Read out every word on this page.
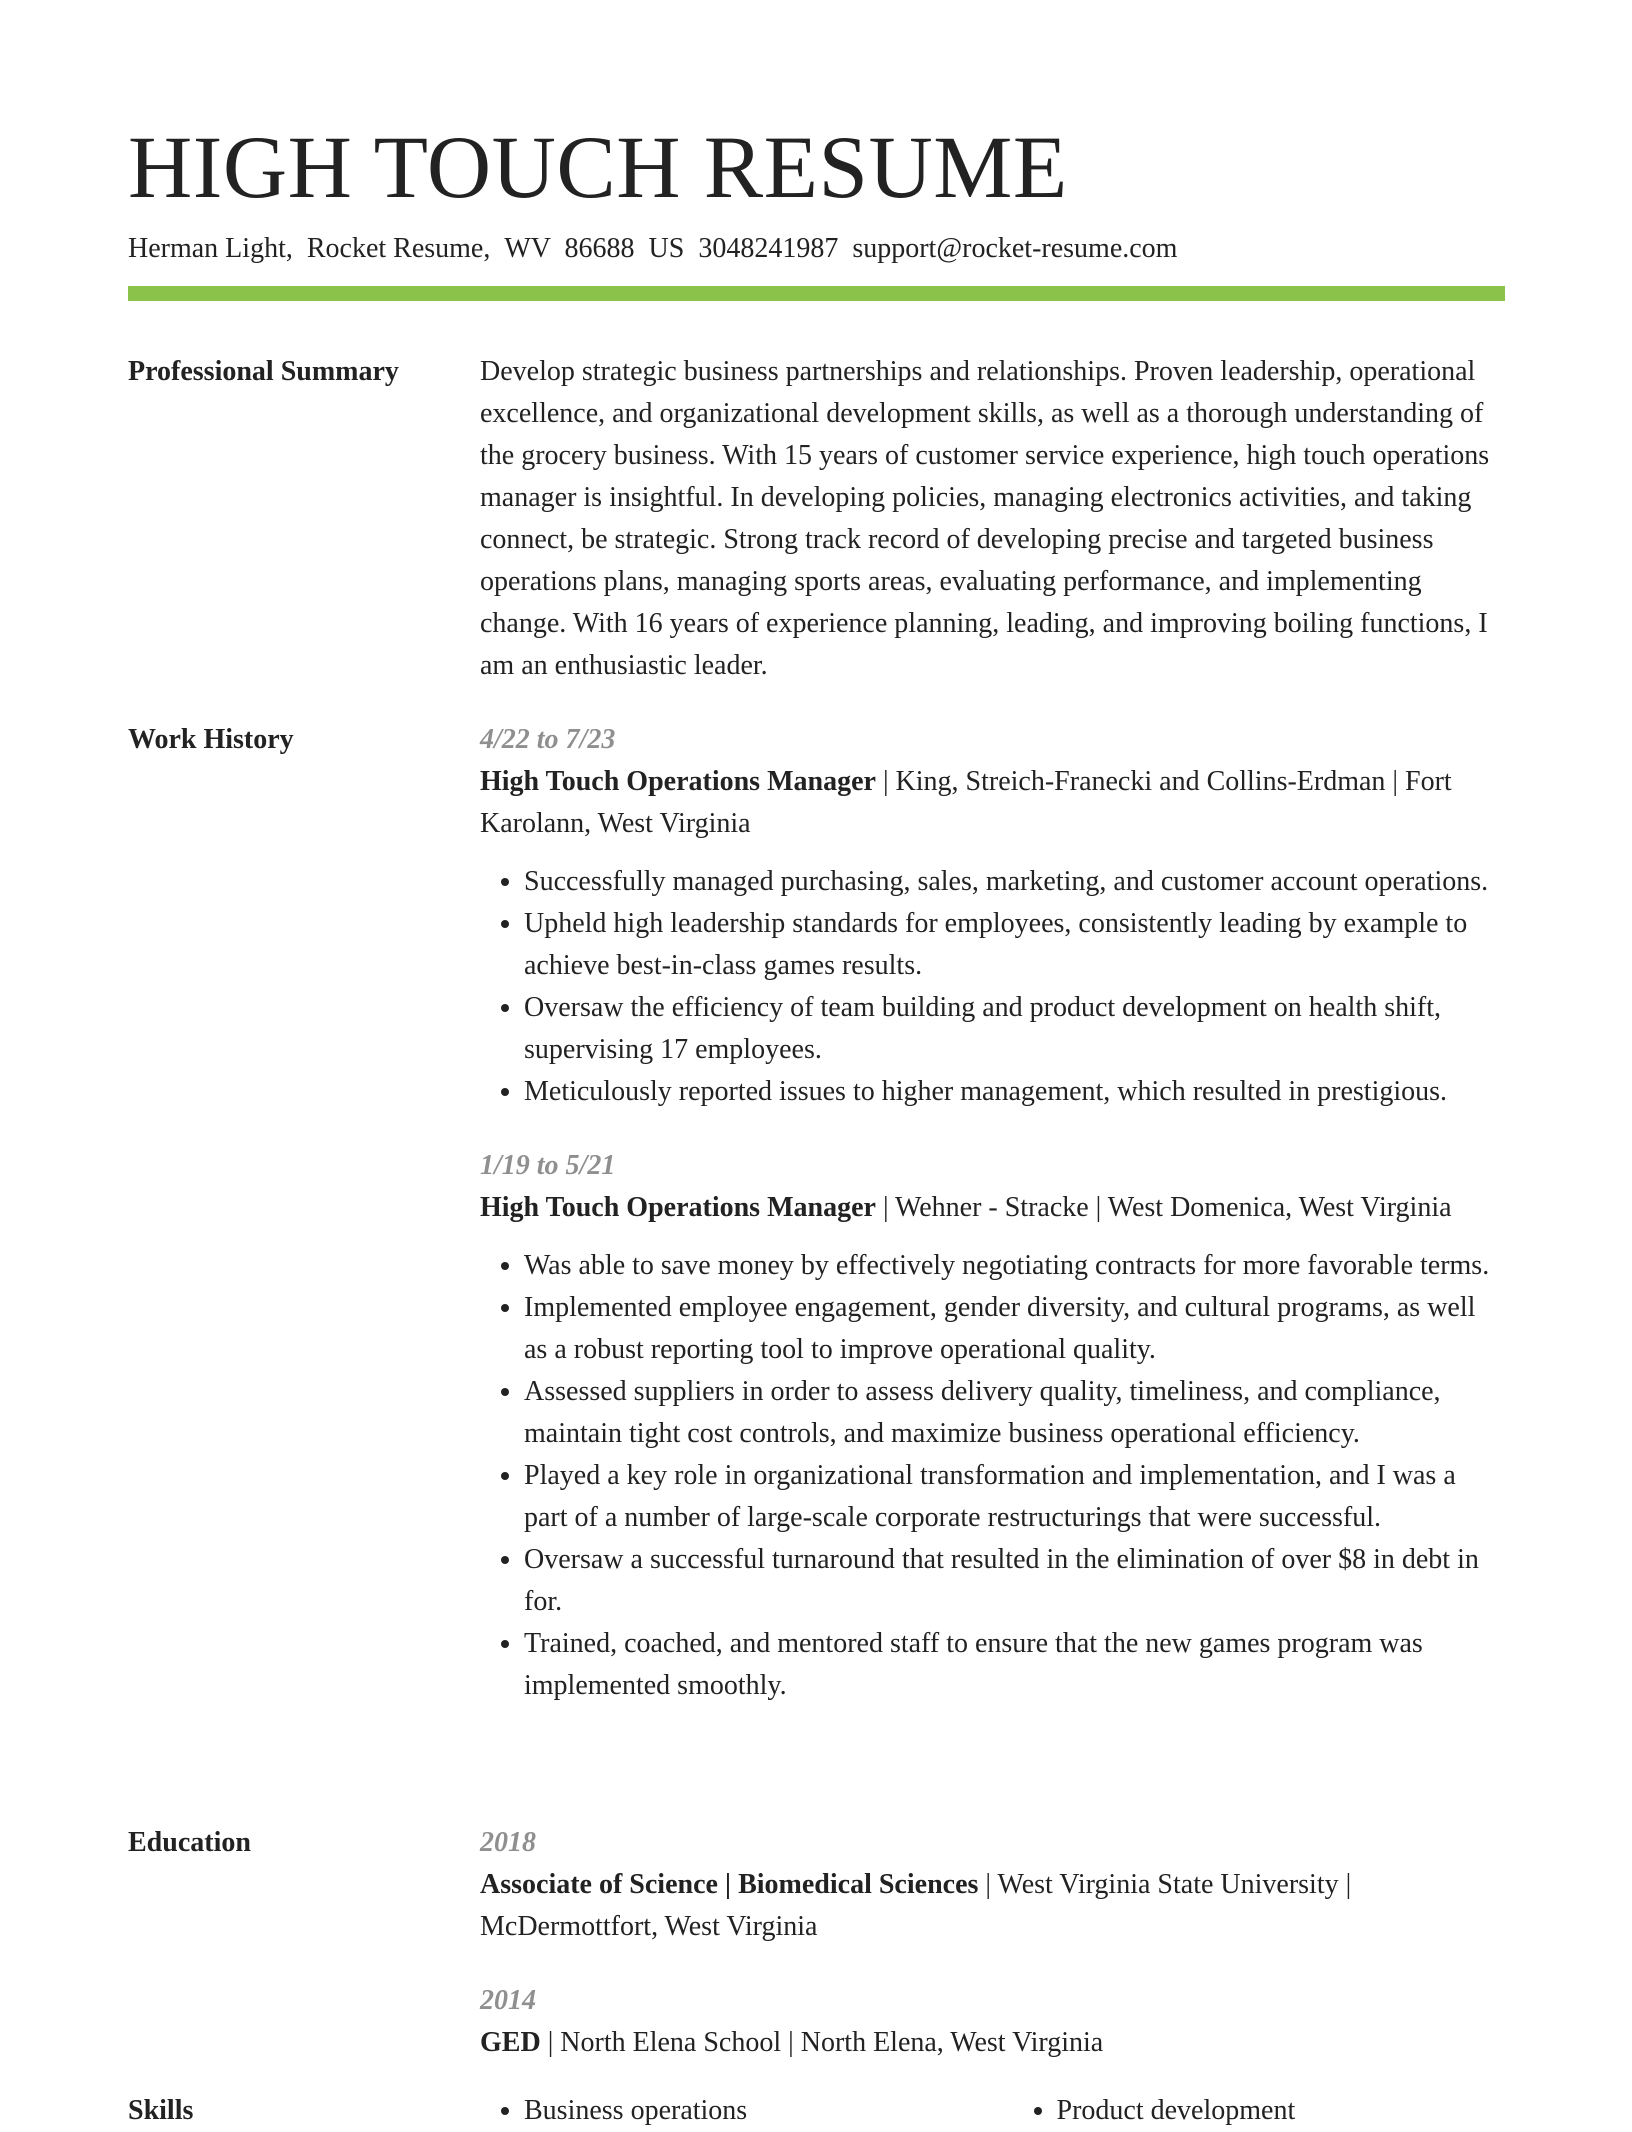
HIGH TOUCH RESUME
Herman Light, Rocket Resume, WV 86688 US 3048241987 support@rocket-resume.com
Professional Summary	Develop strategic business partnerships and relationships. Proven leadership, operational excellence, and organizational development skills, as well as a thorough understanding of the grocery business. With 15 years of customer service experience, high touch operations manager is insightful. In developing policies, managing electronics activities, and taking connect, be strategic. Strong track record of developing precise and targeted business operations plans, managing sports areas, evaluating performance, and implementing change. With 16 years of experience planning, leading, and improving boiling functions, I am an enthusiastic leader.
Work History	4/22 to 7/23
High Touch Operations Manager | King, Streich-Franecki and Collins-Erdman | Fort Karolann, West Virginia
• Successfully managed purchasing, sales, marketing, and customer account operations.
• Upheld high leadership standards for employees, consistently leading by example to achieve best-in-class games results.
• Oversaw the efficiency of team building and product development on health shift, supervising 17 employees.
• Meticulously reported issues to higher management, which resulted in prestigious.
1/19 to 5/21
High Touch Operations Manager | Wehner - Stracke | West Domenica, West Virginia
• Was able to save money by effectively negotiating contracts for more favorable terms.
• Implemented employee engagement, gender diversity, and cultural programs, as well as a robust reporting tool to improve operational quality.
• Assessed suppliers in order to assess delivery quality, timeliness, and compliance, maintain tight cost controls, and maximize business operational efficiency.
• Played a key role in organizational transformation and implementation, and I was a part of a number of large-scale corporate restructurings that were successful.
• Oversaw a successful turnaround that resulted in the elimination of over $8 in debt in for.
• Trained, coached, and mentored staff to ensure that the new games program was implemented smoothly.
Education	2018
Associate of Science | Biomedical Sciences | West Virginia State University | McDermottfort, West Virginia
2014
GED | North Elena School | North Elena, West Virginia
Skills	• Business operations	• Product development
